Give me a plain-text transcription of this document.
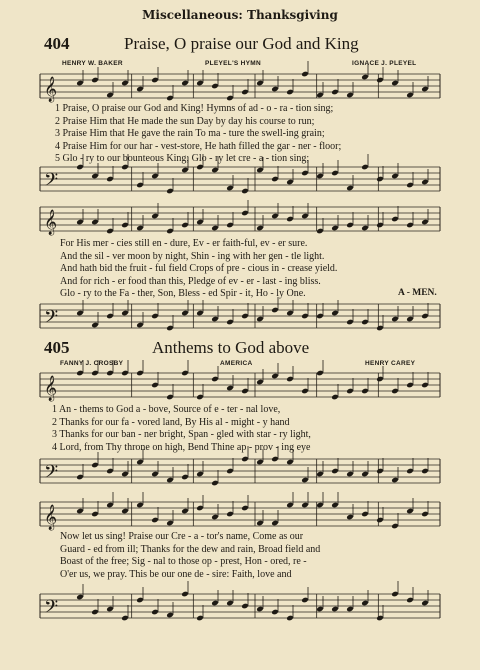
Miscellaneous: Thanksgiving
404	Praise, O praise our God and King
HENRY W. BAKER	PLEYEL'S HYMN	IGNACE J. PLEYEL
𝄞
1 Praise, O praise our God and King! Hymns of ad - o - ra - tion sing;
2 Praise Him that He made the sun Day by day his course to run;
3 Praise Him that He gave the rain To ma - ture the swell-ing grain;
4 Praise Him for our har - vest-store, He hath filled the gar - ner - floor;
5 Glo - ry to our bounteous King; Glo - ry let cre - a - tion sing;
𝄢
𝄞
For His mer - cies still en - dure, Ev - er faith-ful, ev - er sure.
And the sil - ver moon by night, Shin - ing with her gen - tle light.
And hath bid the fruit - ful field Crops of pre - cious in - crease yield.
And for rich - er food than this, Pledge of ev - er - last - ing bliss.
Glo - ry to the Fa - ther, Son, Bless - ed Spir - it, Ho - ly One.	A - MEN.
𝄢
405	Anthems to God above
FANNY J. CROSBY	AMERICA	HENRY CAREY
𝄞
1 An - thems to God a - bove, Source of e - ter - nal love,
2 Thanks for our fa - vored land, By His al - might - y hand
3 Thanks for our ban - ner bright, Span - gled with star - ry light,
4 Lord, from Thy throne on high, Bend Thine ap - prov - ing eye
𝄢
𝄞
Now let us sing! Praise our Cre - a - tor's name, Come as our
Guard - ed from ill; Thanks for the dew and rain, Broad field and
Boast of the free; Sig - nal to those op - prest, Hon - ored, re -
O'er us, we pray. This be our one de - sire: Faith, love and
𝄢
